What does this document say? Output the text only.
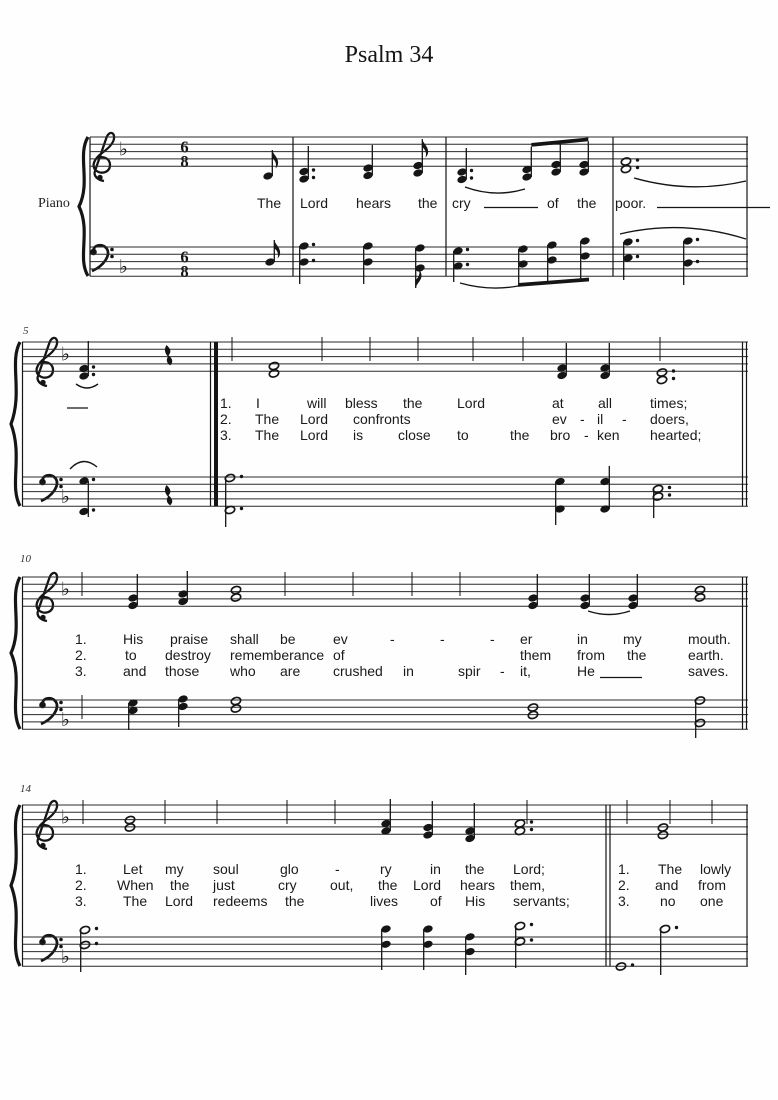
♭
♭
♭
♭
♭
♭
♭
♭
6
8
6
8
Psalm 34
Piano
5
10
14
The Lord hears the cry	of the poor.
1. I	will bless the Lord	at all	times;
2. The Lord confronts	ev - il - doers,
3. The Lord is close to	the bro - ken hearted;
1.	His praise shall be	ev	-	-	- er	in	my	mouth.
2.	to destroy rememberance of	them from the	earth.
3.	and those who are crushed in	spir - it,	He	saves.
1.	Let my soul	glo	-	ry	in the Lord;	1. The lowly
2. When the just	cry out, the Lord hears them,	2. and from
3.	The Lord redeems the	lives of His servants;	3. no one
